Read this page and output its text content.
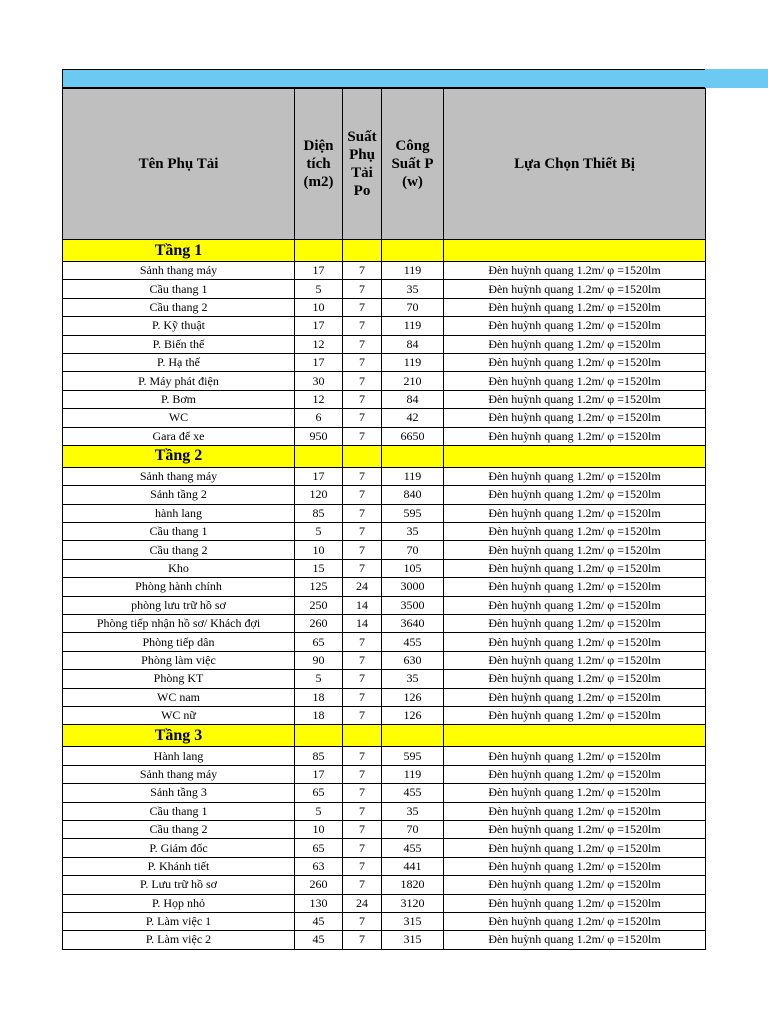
Tên Phụ Tải	Diện tích (m2)	Suất Phụ Tải Po	Công Suất P (w)	Lựa Chọn Thiết Bị
Tầng 1				
Sảnh thang máy	17	7	119	Đèn huỳnh quang 1.2m/ φ =1520lm
Cầu thang 1	5	7	35	Đèn huỳnh quang 1.2m/ φ =1520lm
Cầu thang 2	10	7	70	Đèn huỳnh quang 1.2m/ φ =1520lm
P. Kỹ thuật	17	7	119	Đèn huỳnh quang 1.2m/ φ =1520lm
P. Biến thế	12	7	84	Đèn huỳnh quang 1.2m/ φ =1520lm
P. Hạ thế	17	7	119	Đèn huỳnh quang 1.2m/ φ =1520lm
P. Máy phát điện	30	7	210	Đèn huỳnh quang 1.2m/ φ =1520lm
P. Bơm	12	7	84	Đèn huỳnh quang 1.2m/ φ =1520lm
WC	6	7	42	Đèn huỳnh quang 1.2m/ φ =1520lm
Gara để xe	950	7	6650	Đèn huỳnh quang 1.2m/ φ =1520lm
Tầng 2				
Sảnh thang máy	17	7	119	Đèn huỳnh quang 1.2m/ φ =1520lm
Sảnh tầng 2	120	7	840	Đèn huỳnh quang 1.2m/ φ =1520lm
hành lang	85	7	595	Đèn huỳnh quang 1.2m/ φ =1520lm
Cầu thang 1	5	7	35	Đèn huỳnh quang 1.2m/ φ =1520lm
Cầu thang 2	10	7	70	Đèn huỳnh quang 1.2m/ φ =1520lm
Kho	15	7	105	Đèn huỳnh quang 1.2m/ φ =1520lm
Phòng hành chính	125	24	3000	Đèn huỳnh quang 1.2m/ φ =1520lm
phòng lưu trữ hồ sơ	250	14	3500	Đèn huỳnh quang 1.2m/ φ =1520lm
Phòng tiếp nhận hồ sơ/ Khách đợi	260	14	3640	Đèn huỳnh quang 1.2m/ φ =1520lm
Phòng tiếp dân	65	7	455	Đèn huỳnh quang 1.2m/ φ =1520lm
Phòng làm việc	90	7	630	Đèn huỳnh quang 1.2m/ φ =1520lm
Phòng KT	5	7	35	Đèn huỳnh quang 1.2m/ φ =1520lm
WC nam	18	7	126	Đèn huỳnh quang 1.2m/ φ =1520lm
WC nữ	18	7	126	Đèn huỳnh quang 1.2m/ φ =1520lm
Tầng 3				
Hành lang	85	7	595	Đèn huỳnh quang 1.2m/ φ =1520lm
Sảnh thang máy	17	7	119	Đèn huỳnh quang 1.2m/ φ =1520lm
Sảnh tầng 3	65	7	455	Đèn huỳnh quang 1.2m/ φ =1520lm
Cầu thang 1	5	7	35	Đèn huỳnh quang 1.2m/ φ =1520lm
Cầu thang 2	10	7	70	Đèn huỳnh quang 1.2m/ φ =1520lm
P. Giám đốc	65	7	455	Đèn huỳnh quang 1.2m/ φ =1520lm
P. Khánh tiết	63	7	441	Đèn huỳnh quang 1.2m/ φ =1520lm
P. Lưu trữ hồ sơ	260	7	1820	Đèn huỳnh quang 1.2m/ φ =1520lm
P. Họp nhỏ	130	24	3120	Đèn huỳnh quang 1.2m/ φ =1520lm
P. Làm việc 1	45	7	315	Đèn huỳnh quang 1.2m/ φ =1520lm
P. Làm việc 2	45	7	315	Đèn huỳnh quang 1.2m/ φ =1520lm
